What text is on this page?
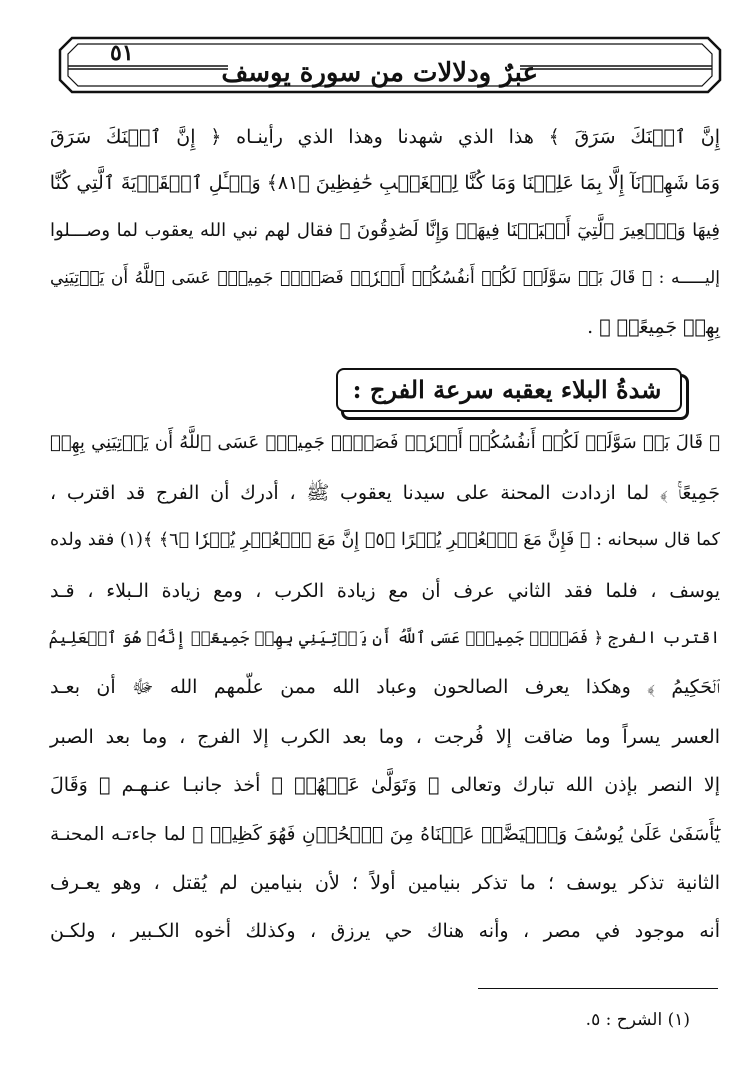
٥١
عبرٌ ودلالات من سورة يوسف
إِنَّ ٱبۡنَكَ سَرَقَ ﴾ هذا الذي شهدنا وهذا الذي رأينـاه ﴿ إِنَّ ٱبۡنَكَ سَرَقَ
وَمَا شَهِدۡنَآ إِلَّا بِمَا عَلِمۡنَا وَمَا كُنَّا لِلۡغَيۡبِ حَٰفِظِينَ ﴿٨١﴾ وَسۡـَٔلِ ٱلۡقَرۡيَةَ ٱلَّتِي كُنَّا
فِيهَا وَٱلۡعِيرَ ٱلَّتِيٓ أَقۡبَلۡنَا فِيهَاۖ وَإِنَّا لَصَٰدِقُونَ ﴾ فقال لهم نبي الله يعقوب لما وصـــلوا
إليـــــه : ﴿ قَالَ بَلۡ سَوَّلَتۡ لَكُمۡ أَنفُسُكُمۡ أَمۡرٗاۖ فَصَبۡرٞ جَمِيلٌۖ عَسَى ٱللَّهُ أَن يَأۡتِيَنِي
بِهِمۡ جَمِيعًاۚ ﴾ .
شدةُ البلاء يعقبه سرعة الفرج :
﴿ قَالَ بَلۡ سَوَّلَتۡ لَكُمۡ أَنفُسُكُمۡ أَمۡرٗاۖ فَصَبۡرٞ جَمِيلٌۖ عَسَى ٱللَّهُ أَن يَأۡتِيَنِي بِهِمۡ
جَمِيعًاۚ ﴾ لما ازدادت المحنة على سيدنا يعقوب ﷺ ، أدرك أن الفرج قد اقترب ،
كما قال سبحانه : ﴿ فَإِنَّ مَعَ ٱلۡعُسۡرِ يُسۡرًا ﴿٥﴾ إِنَّ مَعَ ٱلۡعُسۡرِ يُسۡرٗا ﴿٦﴾ ﴾(١) فقد ولده
يوسف ، فلما فقد الثاني عرف أن مع زيادة الكرب ، ومع زيادة الـبلاء ، قـد
اقترب الفرج ﴿ فَصَبۡرٞ جَمِيلٌۖ عَسَى ٱللَّهُ أَن يَأۡتِيَنِي بِهِمۡ جَمِيعًاۚ إِنَّهُۥ هُوَ ٱلۡعَلِيمُ
ٱلۡحَكِيمُ ﴾ وهكذا يعرف الصالحون وعباد الله ممن علّمهم الله ﷻ أن بعـد
العسر يسراً وما ضاقت إلا فُرجت ، وما بعد الكرب إلا الفرج ، وما بعد الصبر
إلا النصر بإذن الله تبارك وتعالى ﴿ وَتَوَلَّىٰ عَنۡهُمۡ ﴾ أخذ جانبـا عنـهـم ﴿ وَقَالَ
يَٰٓأَسَفَىٰ عَلَىٰ يُوسُفَ وَٱبۡيَضَّتۡ عَيۡنَاهُ مِنَ ٱلۡحُزۡنِ فَهُوَ كَظِيمٞ ﴾ لما جاءتـه المحنـة
الثانية تذكر يوسف ؛ ما تذكر بنيامين أولاً ؛ لأن بنيامين لم يُقتل ، وهو يعـرف
أنه موجود في مصر ، وأنه هناك حي يرزق ، وكذلك أخوه الكـبير ، ولكـن
(١) الشرح : ٥.
